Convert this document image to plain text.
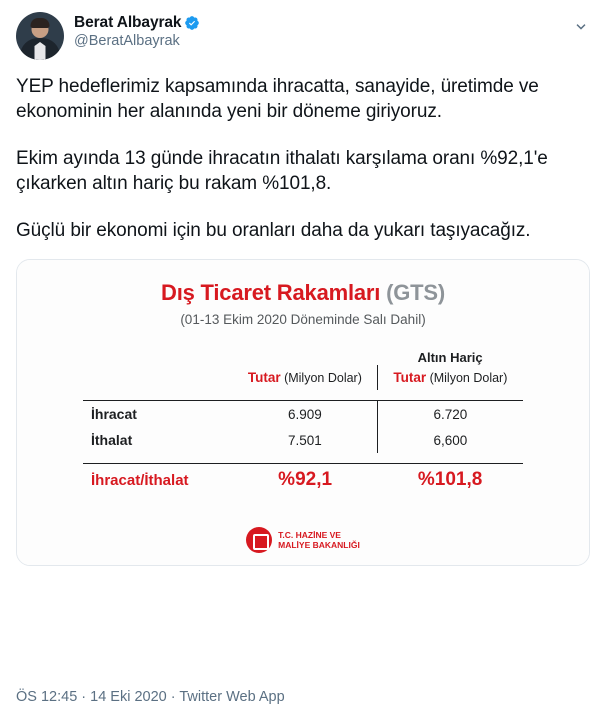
Berat Albayrak
@BeratAlbayrak

YEP hedeflerimiz kapsamında ihracatta, sanayide, üretimde ve ekonominin her alanında yeni bir döneme giriyoruz.

Ekim ayında 13 günde ihracatın ithalatı karşılama oranı %92,1'e çıkarken altın hariç bu rakam %101,8.

Güçlü bir ekonomi için bu oranları daha da yukarı taşıyacağız.

Dış Ticaret Rakamları (GTS)
(01-13 Ekim 2020 Döneminde Salı Dahil)
		Altın Hariç
	Tutar (Milyon Dolar)	Tutar (Milyon Dolar)

İhracat	6.909	6.720
İthalat	7.501	6,600

İhracat/İthalat	%92,1	%101,8
T.C. HAZİNE VE
MALİYE BAKANLIĞI
ÖS 12:45 · 14 Eki 2020 · Twitter Web App
